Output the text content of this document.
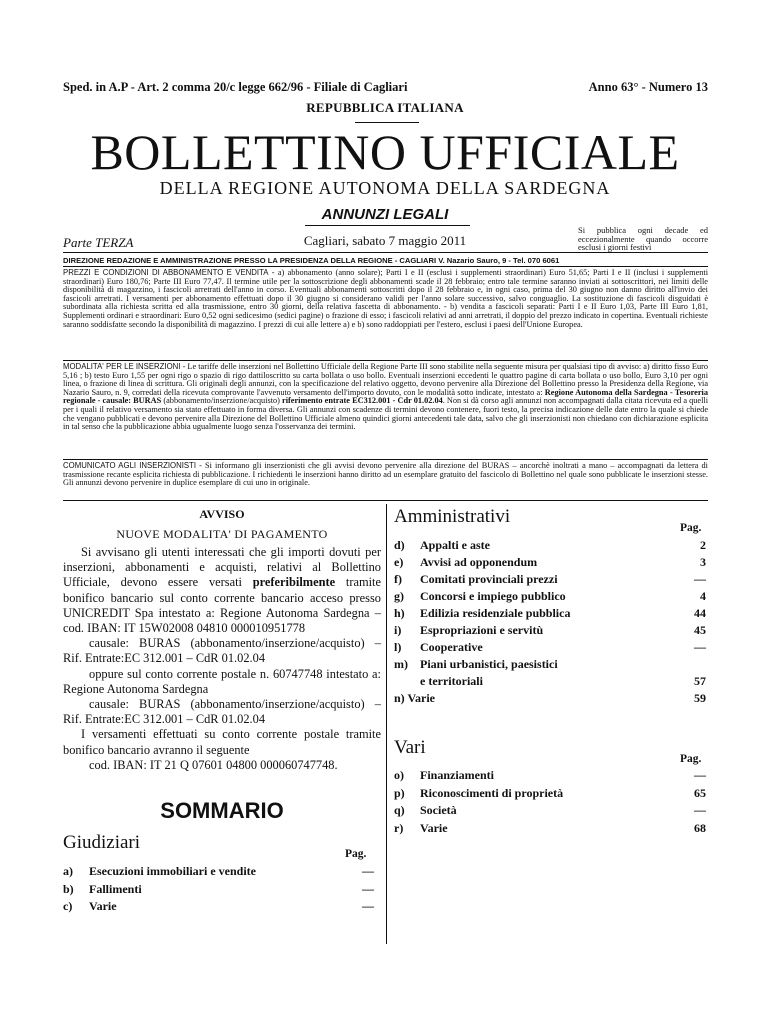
Sped. in A.P - Art. 2 comma 20/c legge 662/96 - Filiale di Cagliari	Anno 63° - Numero 13
REPUBBLICA ITALIANA
BOLLETTINO UFFICIALE
DELLA REGIONE AUTONOMA DELLA SARDEGNA
ANNUNZI LEGALI
Parte TERZA	Cagliari, sabato 7 maggio 2011
Si pubblica ogni decade ed eccezionalmente quando occorre esclusi i giorni festivi
DIREZIONE REDAZIONE E AMMINISTRAZIONE PRESSO LA PRESIDENZA DELLA REGIONE - CAGLIARI V. Nazario Sauro, 9 - Tel. 070 6061
PREZZI E CONDIZIONI DI ABBONAMENTO E VENDITA - a) abbonamento (anno solare); Parti I e II (esclusi i supplementi straordinari) Euro 51,65; Parti I e II (inclusi i supplementi straordinari) Euro 180,76; Parte III Euro 77,47. Il termine utile per la sottoscrizione degli abbonamenti scade il 28 febbraio; entro tale termine saranno inviati ai sottoscrittori, nei limiti delle disponibilità di magazzino, i fascicoli arretrati dell'anno in corso. Eventuali abbonamenti sottoscritti dopo il 28 febbraio e, in ogni caso, prima del 30 giugno non danno diritto all'invio dei fascicoli arretrati. I versamenti per abbonamento effettuati dopo il 30 giugno si considerano validi per l'anno solare successivo, salvo conguaglio. La sostituzione di fascicoli disguidati è subordinata alla richiesta scritta ed alla trasmissione, entro 30 giorni, della relativa fascetta di abbonamento. - b) vendita a fascicoli separati: Parti I e II Euro 1,03, Parte III Euro 1,81, Supplementi ordinari e straordinari: Euro 0,52 ogni sedicesimo (sedici pagine) o frazione di esso; i fascicoli relativi ad anni arretrati, il doppio del prezzo indicato in copertina. Eventuali richieste saranno soddisfatte secondo la disponibilità di magazzino. I prezzi di cui alle lettere a) e b) sono raddoppiati per l'estero, esclusi i paesi dell'Unione Europea.
MODALITA' PER LE INSERZIONI - Le tariffe delle inserzioni nel Bollettino Ufficiale della Regione Parte III sono stabilite nella seguente misura per qualsiasi tipo di avviso: a) diritto fisso Euro 5,16 ; b) testo Euro 1,55 per ogni rigo o spazio di rigo dattiloscritto su carta bollata o uso bollo. Eventuali inserzioni eccedenti le quattro pagine di carta bollata o uso bollo, Euro 3,10 per ogni linea, o frazione di linea di scrittura. Gli originali degli annunzi, con la specificazione del relativo oggetto, devono pervenire alla Direzione del Bollettino presso la Presidenza della Regione, via Nazario Sauro, n. 9, corredati della ricevuta comprovante l'avvenuto versamento dell'importo dovuto, con le modalità sotto indicate, intestato a: Regione Autonoma della Sardegna - Tesoreria regionale - causale: BURAS (abbonamento/inserzione/acquisto) riferimento entrate EC312.001 - Cdr 01.02.04. Non si dà corso agli annunzi non accompagnati dalla citata ricevuta ed a quelli per i quali il relativo versamento sia stato effettuato in forma diversa. Gli annunzi con scadenze di termini devono contenere, fuori testo, la precisa indicazione delle date entro la quale si chiede che vengano pubblicati e devono pervenire alla Direzione del Bollettino Ufficiale almeno quindici giorni antecedenti tale data, salvo che gli inserzionisti non chiedano con dichiarazione esplicita in tal senso che la pubblicazione abbia ugualmente luogo senza l'osservanza dei termini.
COMUNICATO AGLI INSERZIONISTI - Si informano gli inserzionisti che gli avvisi devono pervenire alla direzione del BURAS – ancorchè inoltrati a mano – accompagnati da lettera di trasmissione recante esplicita richiesta di pubblicazione. I richiedenti le inserzioni hanno diritto ad un esemplare gratuito del fascicolo di Bollettino nel quale sono pubblicate le inserzioni stesse. Gli annunzi devono pervenire in duplice esemplare di cui uno in originale.
AVVISO
NUOVE MODALITA' DI PAGAMENTO

Si avvisano gli utenti interessati che gli importi dovuti per inserzioni, abbonamenti e acquisti, relativi al Bollettino Ufficiale, devono essere versati preferibilmente tramite bonifico bancario sul conto corrente bancario acceso presso UNICREDIT Spa intestato a: Regione Autonoma Sardegna – cod. IBAN: IT 15W02008 04810 000010951778

causale: BURAS (abbonamento/inserzione/acquisto) – Rif. Entrate:EC 312.001 – CdR 01.02.04

oppure sul conto corrente postale n. 60747748 intestato a: Regione Autonoma Sardegna

causale: BURAS (abbonamento/inserzione/acquisto) – Rif. Entrate:EC 312.001 – CdR 01.02.04

I versamenti effettuati su conto corrente postale tramite bonifico bancario avranno il seguente

cod. IBAN: IT 21 Q 07601 04800 000060747748.

SOMMARIO
Giudiziari
Pag.
a) Esecuzioni immobiliari e vendite	—
b) Fallimenti	—
c) Varie	—
Amministrativi
Pag.
d) Appalti e aste	2
e) Avvisi ad opponendum	3
f) Comitati provinciali prezzi	—
g) Concorsi e impiego pubblico	4
h) Edilizia residenziale pubblica	44
i) Espropriazioni e servitù	45
l) Cooperative	—
m) Piani urbanistici, paesistici
e territoriali	57
n) Varie	59
Vari
Pag.
o) Finanziamenti	—
p) Riconoscimenti di proprietà	65
q) Società	—
r) Varie	68
